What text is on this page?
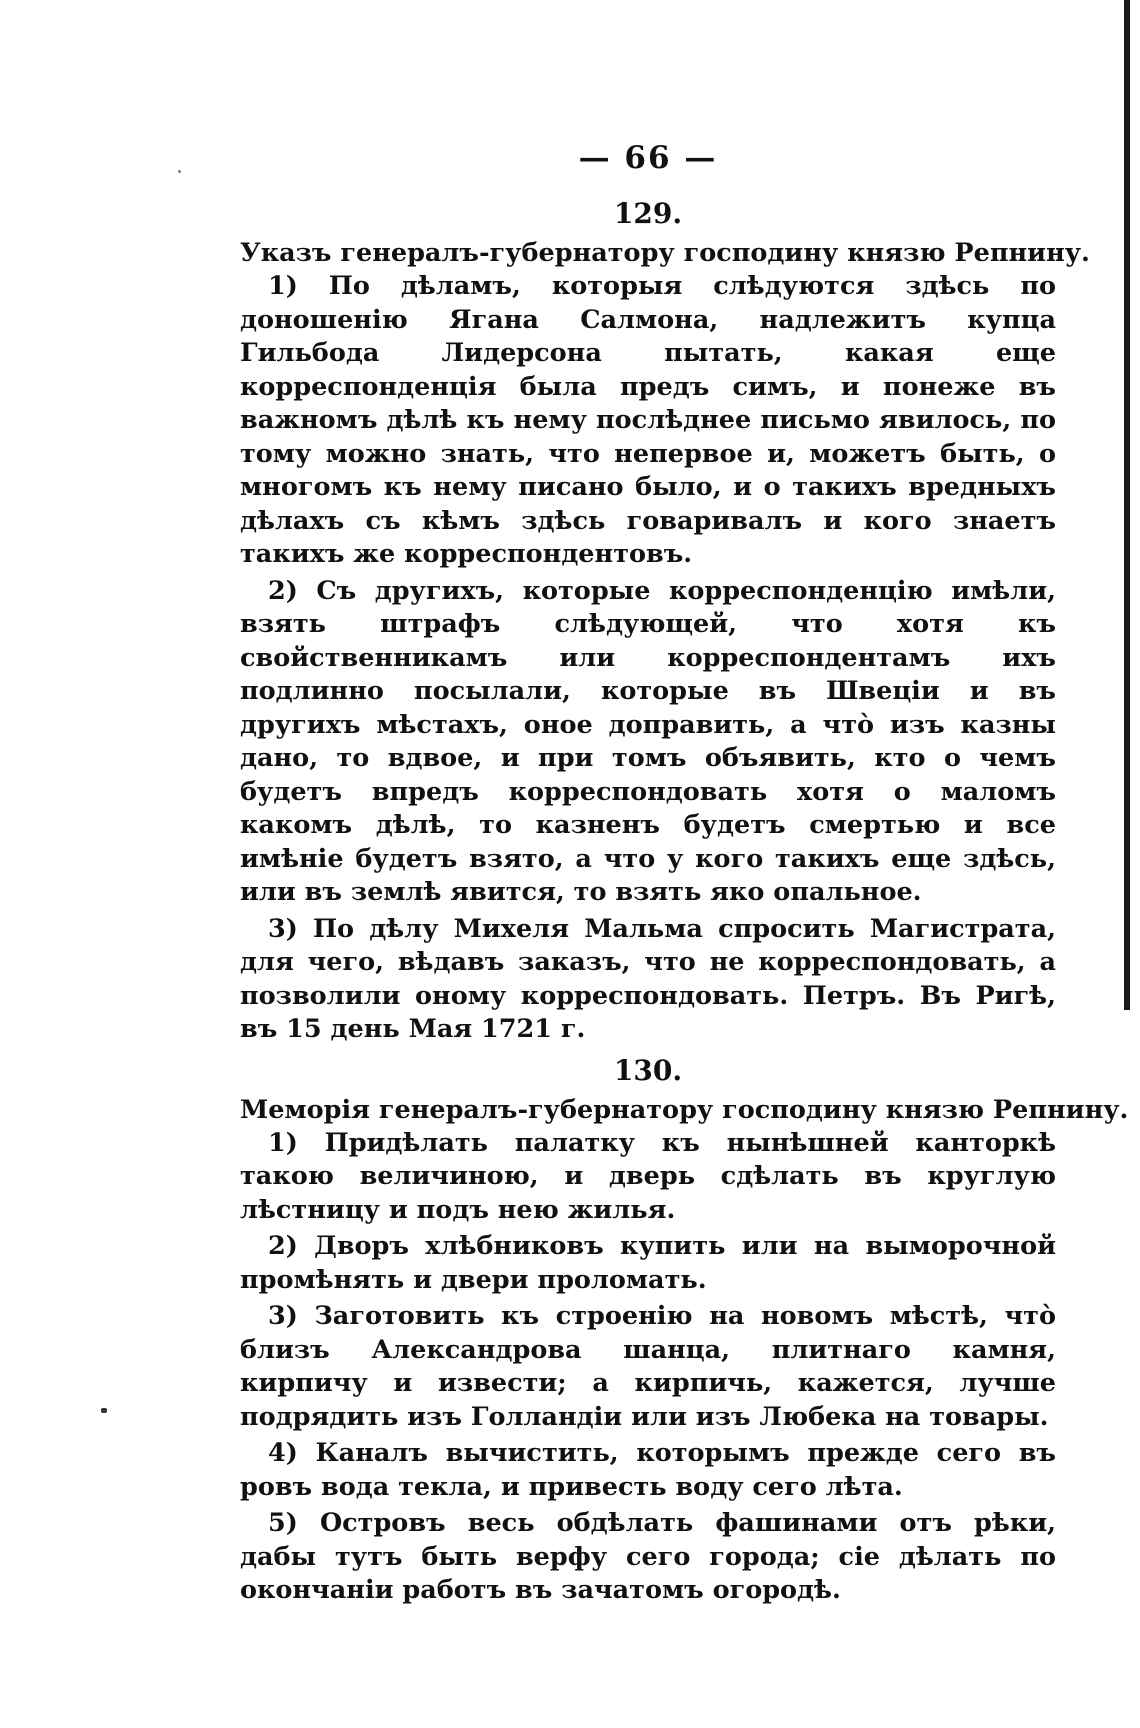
— 66 —
129.
Указъ генералъ-губернатору господину князю Репнину.

1) По дѣламъ, которыя слѣдуются здѣсь по доношенію Ягана Салмона, надлежитъ купца Гильбода Лидерсона пытать, какая еще корреспонденція была предъ симъ, и понеже въ важномъ дѣлѣ къ нему послѣднее письмо явилось, по тому можно знать, что непервое и, можетъ быть, о многомъ къ нему писано было, и о такихъ вредныхъ дѣлахъ съ кѣмъ здѣсь говаривалъ и кого знаетъ такихъ же корреспондентовъ.

2) Съ другихъ, которые корреспонденцію имѣли, взять штрафъ слѣдующей, что хотя къ свойственникамъ или корреспондентамъ ихъ подлинно посылали, которые въ Швеціи и въ другихъ мѣстахъ, оное доправить, а что̀ изъ казны дано, то вдвое, и при томъ объявить, кто о чемъ будетъ впредъ корреспондовать хотя о маломъ какомъ дѣлѣ, то казненъ будетъ смертью и все имѣніе будетъ взято, а что у кого такихъ еще здѣсь, или въ землѣ явится, то взять яко опальное.

3) По дѣлу Михеля Мальма спросить Магистрата, для чего, вѣдавъ заказъ, что не корреспондовать, а позволили оному корреспондовать. Петръ. Въ Ригѣ, въ 15 день Мая 1721 г.

130.
Меморія генералъ-губернатору господину князю Репнину.

1) Придѣлать палатку къ нынѣшней канторкѣ такою величиною, и дверь сдѣлать въ круглую лѣстницу и подъ нею жилья.

2) Дворъ хлѣбниковъ купить или на выморочной промѣнять и двери проломать.

3) Заготовить къ строенію на новомъ мѣстѣ, что̀ близъ Александрова шанца, плитнаго камня, кирпичу и извести; а кирпичь, кажется, лучше подрядить изъ Голландіи или изъ Любека на товары.

4) Каналъ вычистить, которымъ прежде сего въ ровъ вода текла, и привесть воду сего лѣта.

5) Островъ весь обдѣлать фашинами отъ рѣки, дабы тутъ быть верфу сего города; сіе дѣлать по окончаніи работъ въ зачатомъ огородѣ.
